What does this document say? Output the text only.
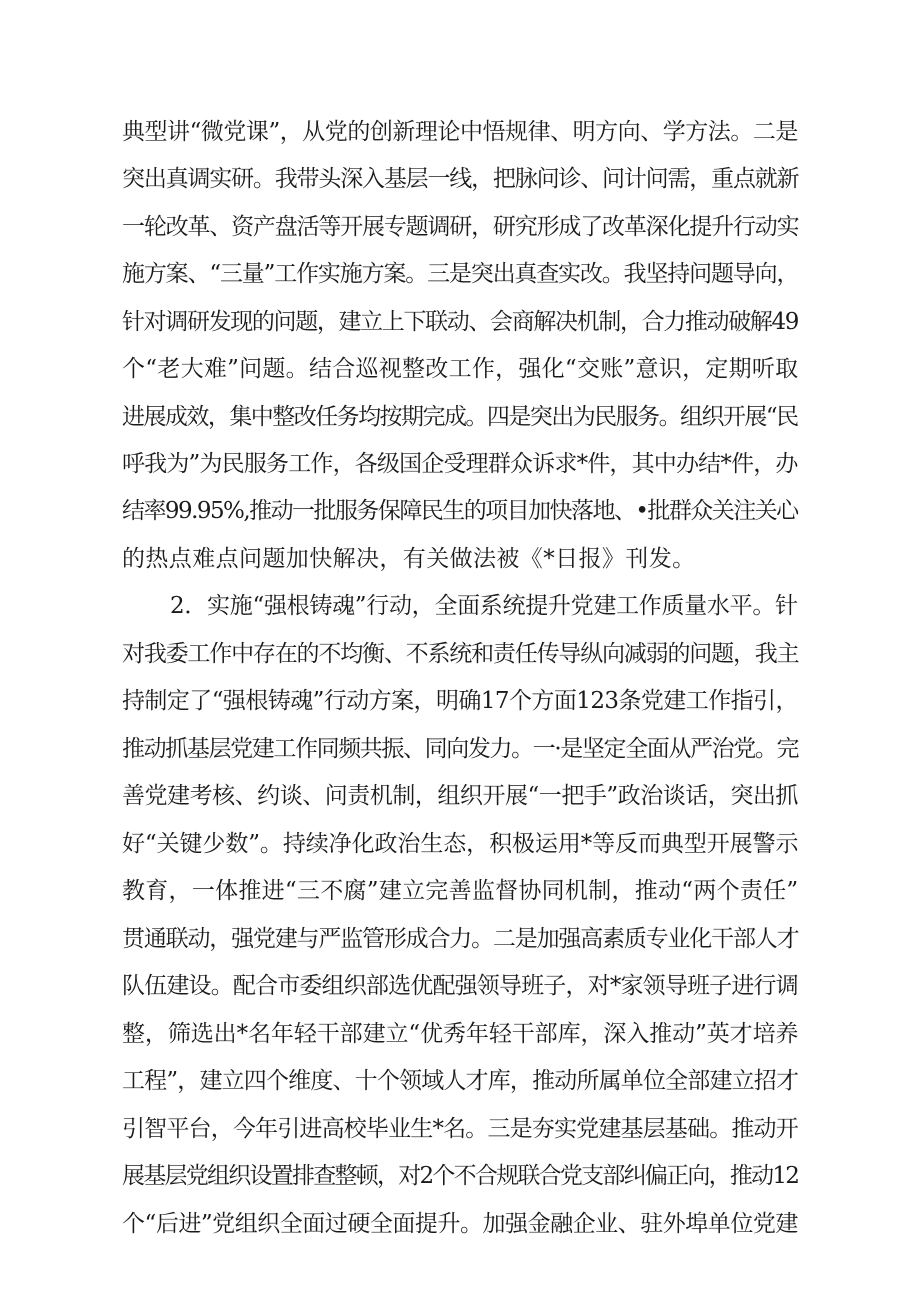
典型讲“微党课”，从党的创新理论中悟规律、明方向、学方法。二是
突出真调实研。我带头深入基层一线，把脉问诊、问计问需，重点就新
一轮改革、资产盘活等开展专题调研，研究形成了改革深化提升行动实
施方案、“三量”工作实施方案。三是突出真查实改。我坚持问题导向，
针对调研发现的问题，建立上下联动、会商解决机制，合力推动破解49
个“老大难”问题。结合巡视整改工作，强化“交账”意识，定期听取
进展成效，集中整改任务均按期完成。四是突出为民服务。组织开展“民
呼我为”为民服务工作，各级国企受理群众诉求*件，其中办结*件，办
结率99.95%,推动一批服务保障民生的项目加快落地、•批群众关注关心
的热点难点问题加快解决，有关做法被《*日报》刊发。
2．实施“强根铸魂”行动，全面系统提升党建工作质量水平。针
对我委工作中存在的不均衡、不系统和责任传导纵向减弱的问题，我主
持制定了“强根铸魂”行动方案，明确17个方面123条党建工作指引，
推动抓基层党建工作同频共振、同向发力。一·是坚定全面从严治党。完
善党建考核、约谈、问责机制，组织开展“一把手”政治谈话，突出抓
好“关键少数”。持续净化政治生态，积极运用*等反而典型开展警示
教育，一体推进“三不腐”建立完善监督协同机制，推动“两个责任”
贯通联动，强党建与严监管形成合力。二是加强高素质专业化干部人才
队伍建设。配合市委组织部选优配强领导班子，对*家领导班子进行调
整，筛选出*名年轻干部建立“优秀年轻干部库，深入推动”英才培养
工程”，建立四个维度、十个领域人才库，推动所属单位全部建立招才
引智平台，今年引进高校毕业生*名。三是夯实党建基层基础。推动开
展基层党组织设置排查整顿，对2个不合规联合党支部纠偏正向，推动12
个“后进”党组织全面过硬全面提升。加强金融企业、驻外埠单位党建
